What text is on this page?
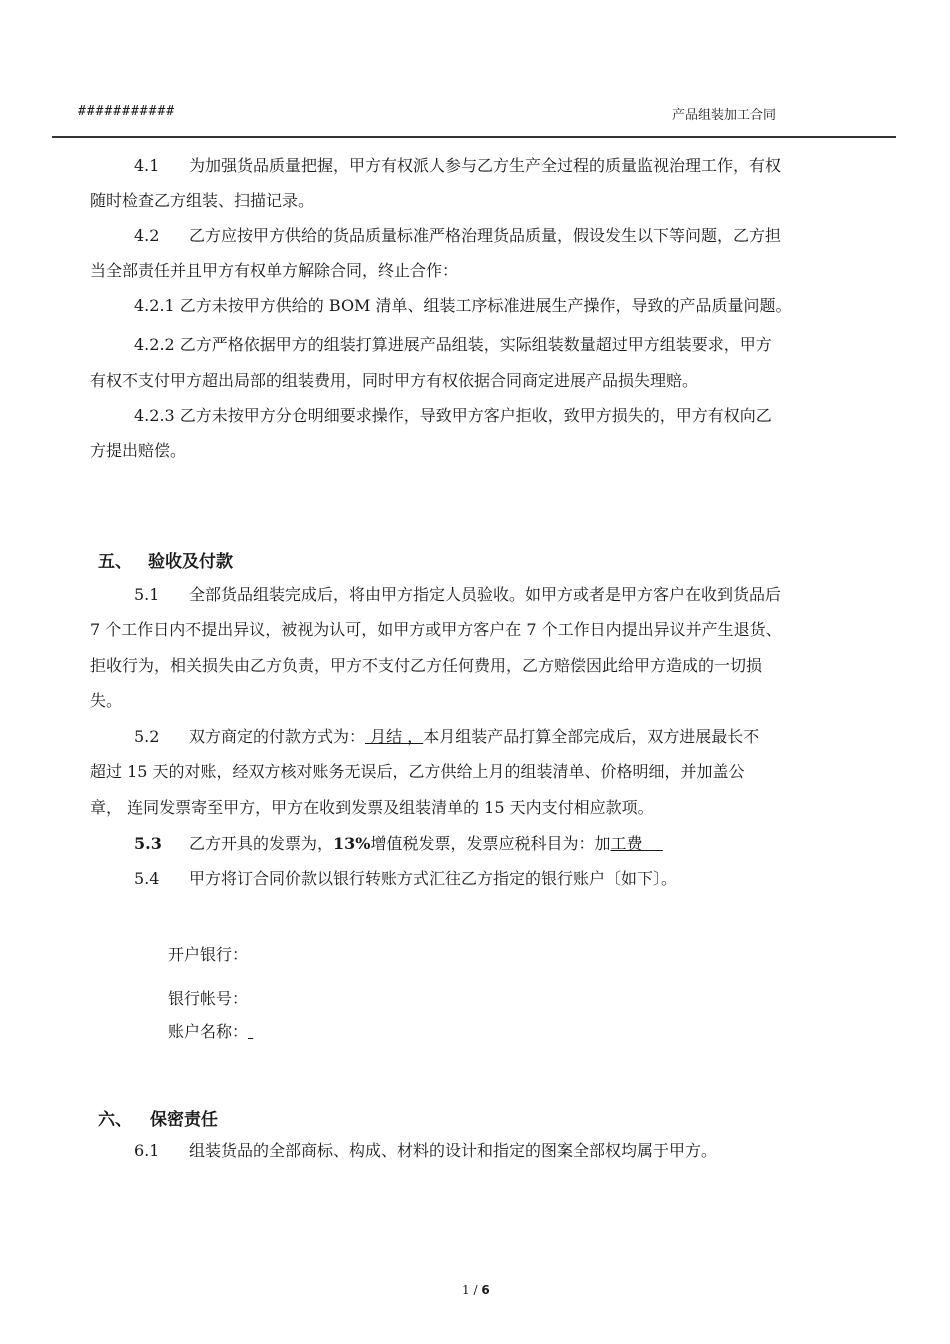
###########	产品组装加工合同
4.1 为加强货品质量把握，甲方有权派人参与乙方生产全过程的质量监视治理工作，有权
随时检查乙方组装、扫描记录。
4.2 乙方应按甲方供给的货品质量标准严格治理货品质量，假设发生以下等问题，乙方担
当全部责任并且甲方有权单方解除合同，终止合作：
4.2.1 乙方未按甲方供给的 BOM 清单、组装工序标准进展生产操作，导致的产品质量问题。
4.2.2 乙方严格依据甲方的组装打算进展产品组装，实际组装数量超过甲方组装要求，甲方
有权不支付甲方超出局部的组装费用，同时甲方有权依据合同商定进展产品损失理赔。
4.2.3 乙方未按甲方分仓明细要求操作，导致甲方客户拒收，致甲方损失的，甲方有权向乙
方提出赔偿。
五、 验收及付款
5.1 全部货品组装完成后，将由甲方指定人员验收。如甲方或者是甲方客户在收到货品后
7 个工作日内不提出异议，被视为认可，如甲方或甲方客户在 7 个工作日内提出异议并产生退货、
拒收行为，相关损失由乙方负责，甲方不支付乙方任何费用，乙方赔偿因此给甲方造成的一切损
失。
5.2 双方商定的付款方式为： 月结 ，本月组装产品打算全部完成后，双方进展最长不
超过 15 天的对账，经双方核对账务无误后，乙方供给上月的组装清单、价格明细，并加盖公
章， 连同发票寄至甲方，甲方在收到发票及组装清单的 15 天内支付相应款项。
5.3 乙方开具的发票为，13%增值税发票，发票应税科目为：加工费
5.4 甲方将订合同价款以银行转账方式汇往乙方指定的银行账户〔如下〕。
开户银行：
银行帐号：
账户名称：
六、 保密责任
6.1 组装货品的全部商标、构成、材料的设计和指定的图案全部权均属于甲方。
1 / 6
